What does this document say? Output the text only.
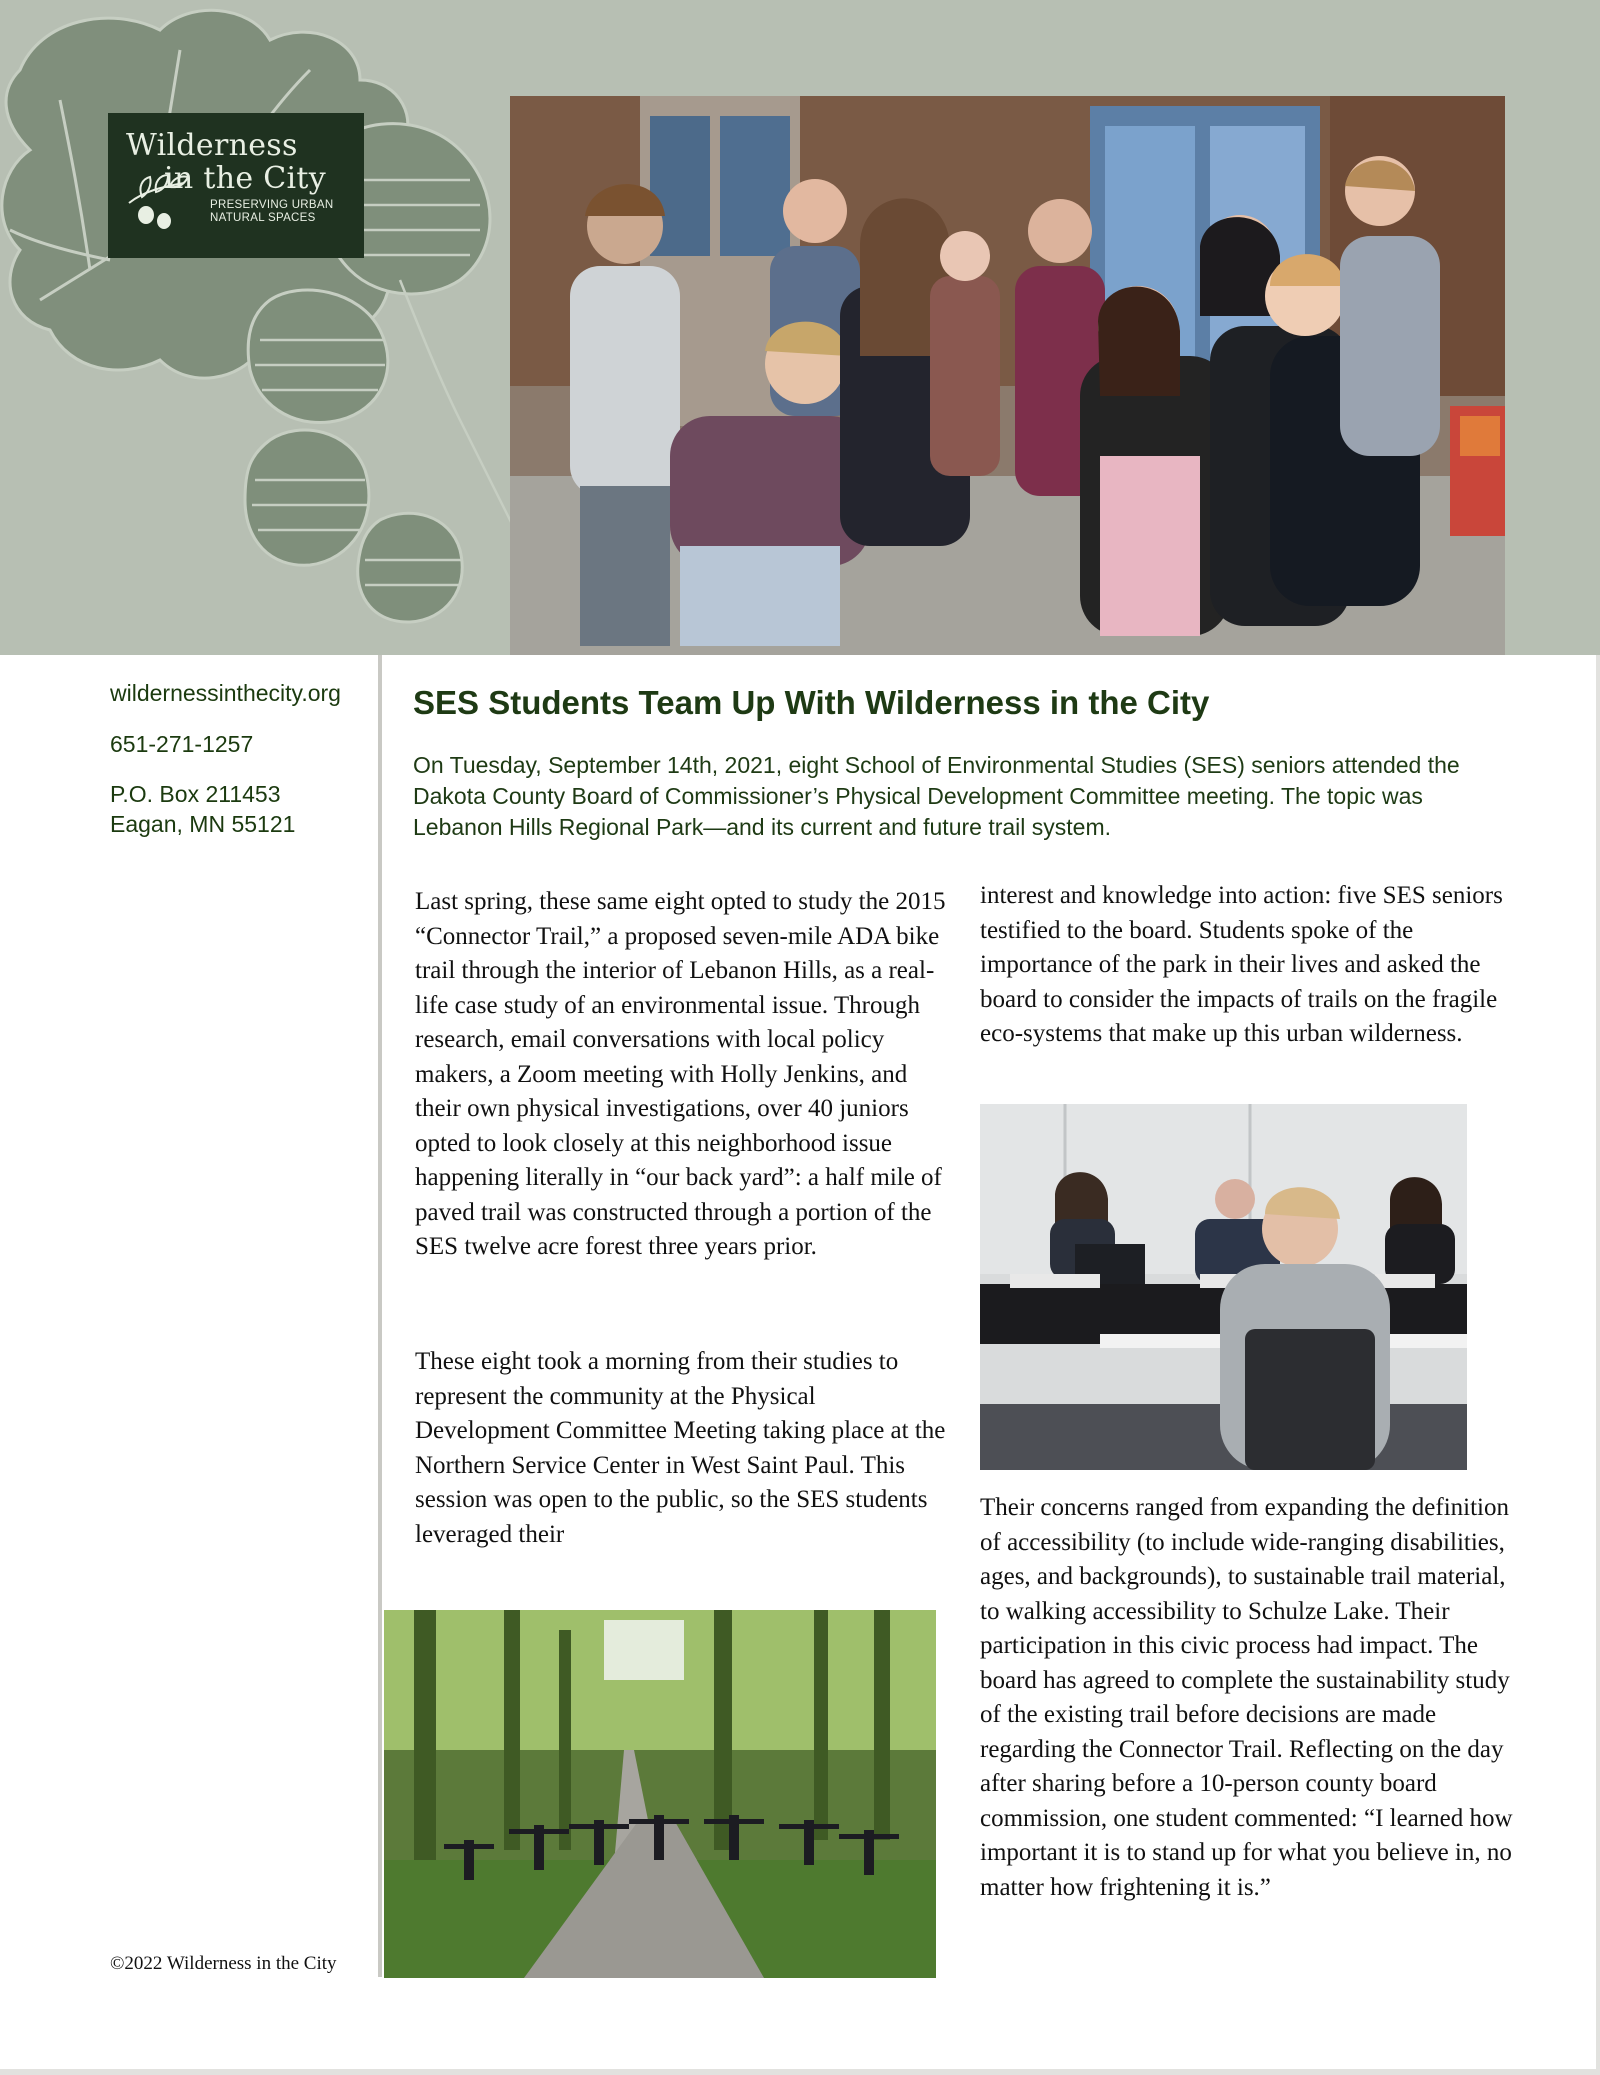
Wilderness
in the City
PRESERVING URBAN
NATURAL SPACES
wildernessinthecity.org
651-271-1257
P.O. Box 211453
Eagan, MN 55121
SES Students Team Up With Wilderness in the City

On Tuesday, September 14th, 2021, eight School of Environmental Studies (SES) seniors attended the Dakota County Board of Commissioner’s Physical Development Committee meeting. The topic was Lebanon Hills Regional Park—and its current and future trail system.

Last spring, these same eight opted to study the 2015 “Connector Trail,” a proposed seven-mile ADA bike trail through the interior of Lebanon Hills, as a real-life case study of an environmental issue. Through research, email conversations with local policy makers, a Zoom meeting with Holly Jenkins, and their own physical investigations, over 40 juniors opted to look closely at this neighborhood issue happening literally in “our back yard”: a half mile of paved trail was constructed through a portion of the SES twelve acre forest three years prior.

These eight took a morning from their studies to represent the community at the Physical Development Committee Meeting taking place at the Northern Service Center in West Saint Paul. This session was open to the public, so the SES students leveraged their

interest and knowledge into action: five SES seniors testified to the board. Students spoke of the importance of the park in their lives and asked the board to consider the impacts of trails on the fragile eco-systems that make up this urban wilderness.

Their concerns ranged from expanding the definition of accessibility (to include wide-ranging disabilities, ages, and backgrounds), to sustainable trail material, to walking accessibility to Schulze Lake. Their participation in this civic process had impact. The board has agreed to complete the sustainability study of the existing trail before decisions are made regarding the Connector Trail. Reflecting on the day after sharing before a 10-person county board commission, one student commented: “I learned how important it is to stand up for what you believe in, no matter how frightening it is.”

©2022 Wilderness in the City
